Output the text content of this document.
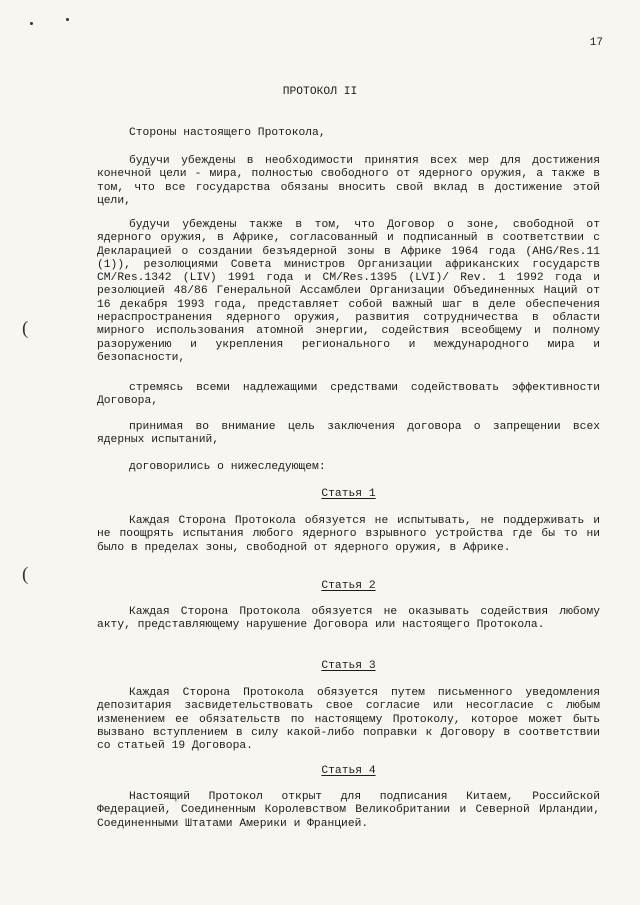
(
(
17
ПРОТОКОЛ II

Стороны настоящего Протокола,

будучи убеждены в необходимости принятия всех мер для достижения конечной цели - мира, полностью свободного от ядерного оружия, а также в том, что все государства обязаны вносить свой вклад в достижение этой цели,

будучи убеждены также в том, что Договор о зоне, свободной от ядерного оружия, в Африке, согласованный и подписанный в соответствии с Декларацией о создании безъядерной зоны в Африке 1964 года (AHG/Res.11 (1)), резолюциями Совета министров Организации африканских государств CM/Res.1342 (LIV) 1991 года и CM/Res.1395 (LVI)/ Rev. 1 1992 года и резолюцией 48/86 Генеральной Ассамблеи Организации Объединенных Наций от 16 декабря 1993 года, представляет собой важный шаг в деле обеспечения нераспространения ядерного оружия, развития сотрудничества в области мирного использования атомной энергии, содействия всеобщему и полному разоружению и укрепления регионального и международного мира и безопасности,

стремясь всеми надлежащими средствами содействовать эффективности Договора,

принимая во внимание цель заключения договора о запрещении всех ядерных испытаний,

договорились о нижеследующем:

Статья 1

Каждая Сторона Протокола обязуется не испытывать, не поддерживать и не поощрять испытания любого ядерного взрывного устройства где бы то ни было в пределах зоны, свободной от ядерного оружия, в Африке.

Статья 2

Каждая Сторона Протокола обязуется не оказывать содействия любому акту, представляющему нарушение Договора или настоящего Протокола.

Статья 3

Каждая Сторона Протокола обязуется путем письменного уведомления депозитария засвидетельствовать свое согласие или несогласие с любым изменением ее обязательств по настоящему Протоколу, которое может быть вызвано вступлением в силу какой-либо поправки к Договору в соответствии со статьей 19 Договора.

Статья 4

Настоящий Протокол открыт для подписания Китаем, Российской Федерацией, Соединенным Королевством Великобритании и Северной Ирландии, Соединенными Штатами Америки и Францией.
